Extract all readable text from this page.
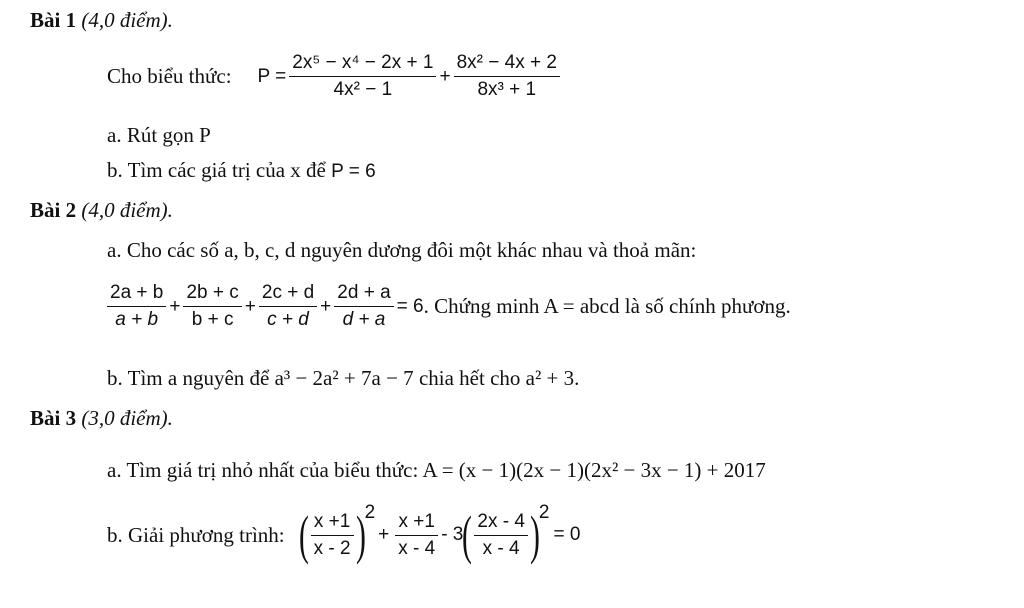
Bài 1 (4,0 điểm).
Cho biểu thức: $P = \frac{\text{2x⁵ − x⁴ − 2x + 1}}{\text{4x² − 1}} + \frac{\text{8x² − 4x + 2}}{\text{8x³ + 1}}$
a. Rút gọn P
b. Tìm các giá trị của x để P = 6
Bài 2 (4,0 điểm).
a. Cho các số a, b, c, d nguyên dương đôi một khác nhau và thoả mãn:
$\frac{2a + b}{a + b} + \frac{2b + c}{b + c} + \frac{2c + d}{c + d} + \frac{2d + a}{d + a} = 6$ . Chứng minh A = abcd là số chính phương.
b. Tìm a nguyên để a³ − 2a² + 7a − 7 chia hết cho a² + 3.
Bài 3 (3,0 điểm).
a. Tìm giá trị nhỏ nhất của biểu thức: A = (x − 1)(2x − 1)(2x² − 3x − 1) + 2017
b. Giải phương trình: ( $\frac{x +1}{x - 2}$ ) 2
+ $\frac{x +1}{x - 4} - 3$ ( $\frac{2x - 4}{x - 4}$ ) 2
= 0
